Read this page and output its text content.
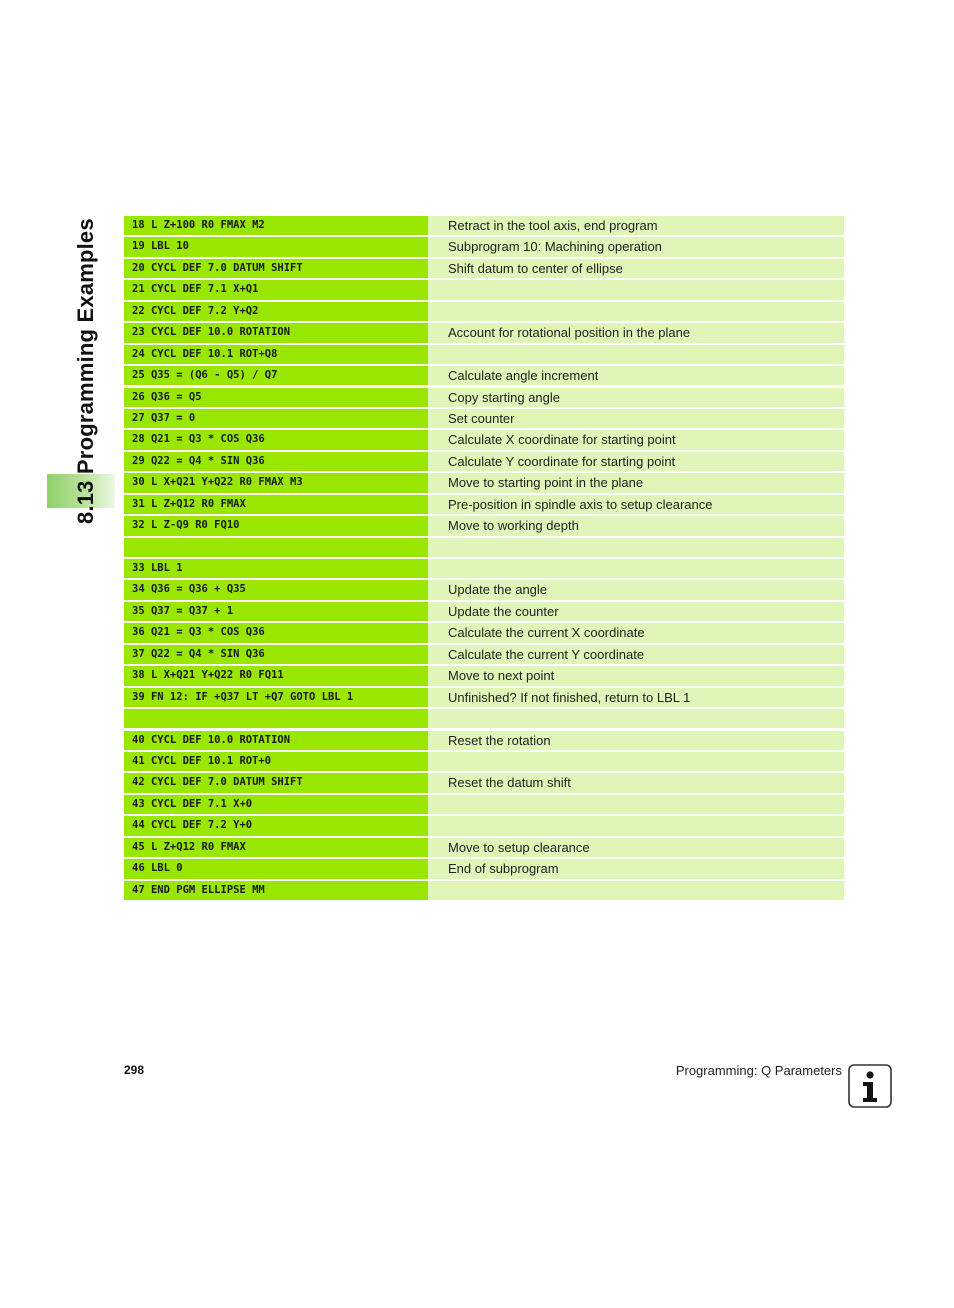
8.13 Programming Examples	18 L Z+100 R0 FMAX M2	Retract in the tool axis, end program
19 LBL 10	Subprogram 10: Machining operation
20 CYCL DEF 7.0 DATUM SHIFT	Shift datum to center of ellipse
21 CYCL DEF 7.1 X+Q1
22 CYCL DEF 7.2 Y+Q2
23 CYCL DEF 10.0 ROTATION	Account for rotational position in the plane
24 CYCL DEF 10.1 ROT+Q8
25 Q35 = (Q6 - Q5) / Q7	Calculate angle increment
26 Q36 = Q5	Copy starting angle
27 Q37 = 0	Set counter
28 Q21 = Q3 * COS Q36	Calculate X coordinate for starting point
29 Q22 = Q4 * SIN Q36	Calculate Y coordinate for starting point
30 L X+Q21 Y+Q22 R0 FMAX M3	Move to starting point in the plane
31 L Z+Q12 R0 FMAX	Pre-position in spindle axis to setup clearance
32 L Z-Q9 R0 FQ10	Move to working depth
33 LBL 1
34 Q36 = Q36 + Q35	Update the angle
35 Q37 = Q37 + 1	Update the counter
36 Q21 = Q3 * COS Q36	Calculate the current X coordinate
37 Q22 = Q4 * SIN Q36	Calculate the current Y coordinate
38 L X+Q21 Y+Q22 R0 FQ11	Move to next point
39 FN 12: IF +Q37 LT +Q7 GOTO LBL 1	Unfinished? If not finished, return to LBL 1
40 CYCL DEF 10.0 ROTATION	Reset the rotation
41 CYCL DEF 10.1 ROT+0
42 CYCL DEF 7.0 DATUM SHIFT	Reset the datum shift
43 CYCL DEF 7.1 X+0
44 CYCL DEF 7.2 Y+0
45 L Z+Q12 R0 FMAX	Move to setup clearance
46 LBL 0	End of subprogram
47 END PGM ELLIPSE MM
298	Programming: Q Parameters
